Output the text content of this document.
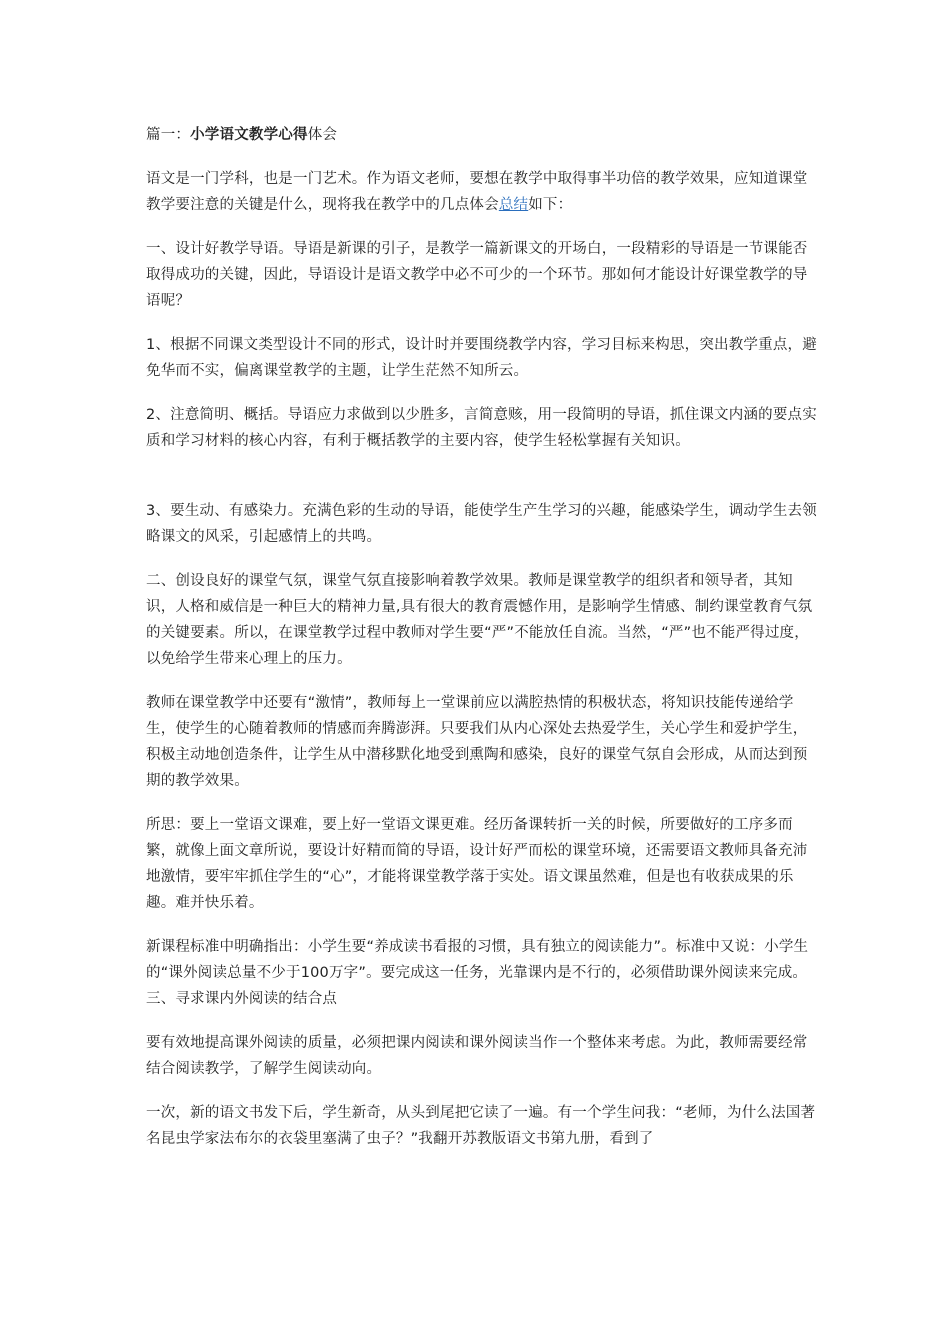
篇一：小学语文教学心得体会

语文是一门学科，也是一门艺术。作为语文老师，要想在教学中取得事半功倍的教学效果，应知道课堂教学要注意的关键是什么，现将我在教学中的几点体会总结如下：

一、设计好教学导语。导语是新课的引子，是教学一篇新课文的开场白，一段精彩的导语是一节课能否取得成功的关键，因此，导语设计是语文教学中必不可少的一个环节。那如何才能设计好课堂教学的导语呢？

1、根据不同课文类型设计不同的形式，设计时并要围绕教学内容，学习目标来构思，突出教学重点，避免华而不实，偏离课堂教学的主题，让学生茫然不知所云。

2、注意简明、概括。导语应力求做到以少胜多，言简意赅，用一段简明的导语，抓住课文内涵的要点实质和学习材料的核心内容，有利于概括教学的主要内容，使学生轻松掌握有关知识。

3、要生动、有感染力。充满色彩的生动的导语，能使学生产生学习的兴趣，能感染学生，调动学生去领略课文的风采，引起感情上的共鸣。

二、创设良好的课堂气氛，课堂气氛直接影响着教学效果。教师是课堂教学的组织者和领导者，其知识，人格和威信是一种巨大的精神力量,具有很大的教育震憾作用，是影响学生情感、制约课堂教育气氛的关键要素。所以，在课堂教学过程中教师对学生要“严”不能放任自流。当然，“严”也不能严得过度，以免给学生带来心理上的压力。

教师在课堂教学中还要有“激情”，教师每上一堂课前应以满腔热情的积极状态，将知识技能传递给学生，使学生的心随着教师的情感而奔腾澎湃。只要我们从内心深处去热爱学生，关心学生和爱护学生，积极主动地创造条件，让学生从中潜移默化地受到熏陶和感染，良好的课堂气氛自会形成，从而达到预期的教学效果。

所思：要上一堂语文课难，要上好一堂语文课更难。经历备课转折一关的时候，所要做好的工序多而繁，就像上面文章所说，要设计好精而简的导语，设计好严而松的课堂环境，还需要语文教师具备充沛地激情，要牢牢抓住学生的“心”，才能将课堂教学落于实处。语文课虽然难，但是也有收获成果的乐趣。难并快乐着。

新课程标准中明确指出：小学生要“养成读书看报的习惯，具有独立的阅读能力”。标准中又说：小学生的“课外阅读总量不少于100万字”。要完成这一任务，光靠课内是不行的，必须借助课外阅读来完成。

三、寻求课内外阅读的结合点

要有效地提高课外阅读的质量，必须把课内阅读和课外阅读当作一个整体来考虑。为此，教师需要经常结合阅读教学，了解学生阅读动向。

一次，新的语文书发下后，学生新奇，从头到尾把它读了一遍。有一个学生问我：“老师，为什么法国著名昆虫学家法布尔的衣袋里塞满了虫子？”我翻开苏教版语文书第九册，看到了
